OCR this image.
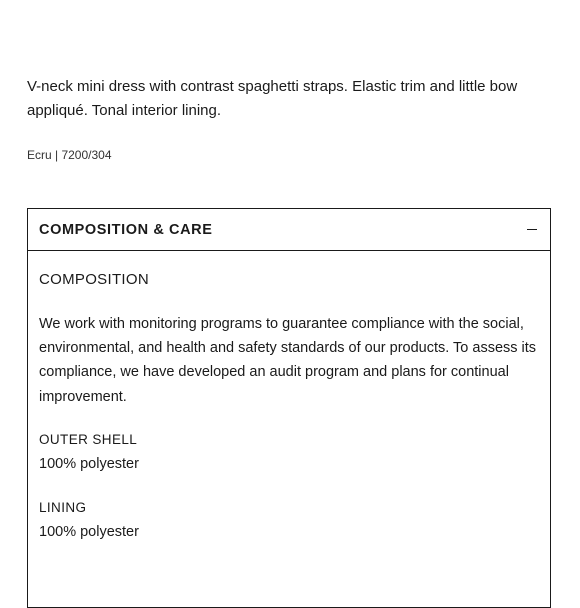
V-neck mini dress with contrast spaghetti straps. Elastic trim and little bow appliqué. Tonal interior lining.

Ecru | 7200/304

COMPOSITION & CARE

COMPOSITION

We work with monitoring programs to guarantee compliance with the social, environmental, and health and safety standards of our products. To assess its compliance, we have developed an audit program and plans for continual improvement.

OUTER SHELL

100% polyester

LINING

100% polyester
